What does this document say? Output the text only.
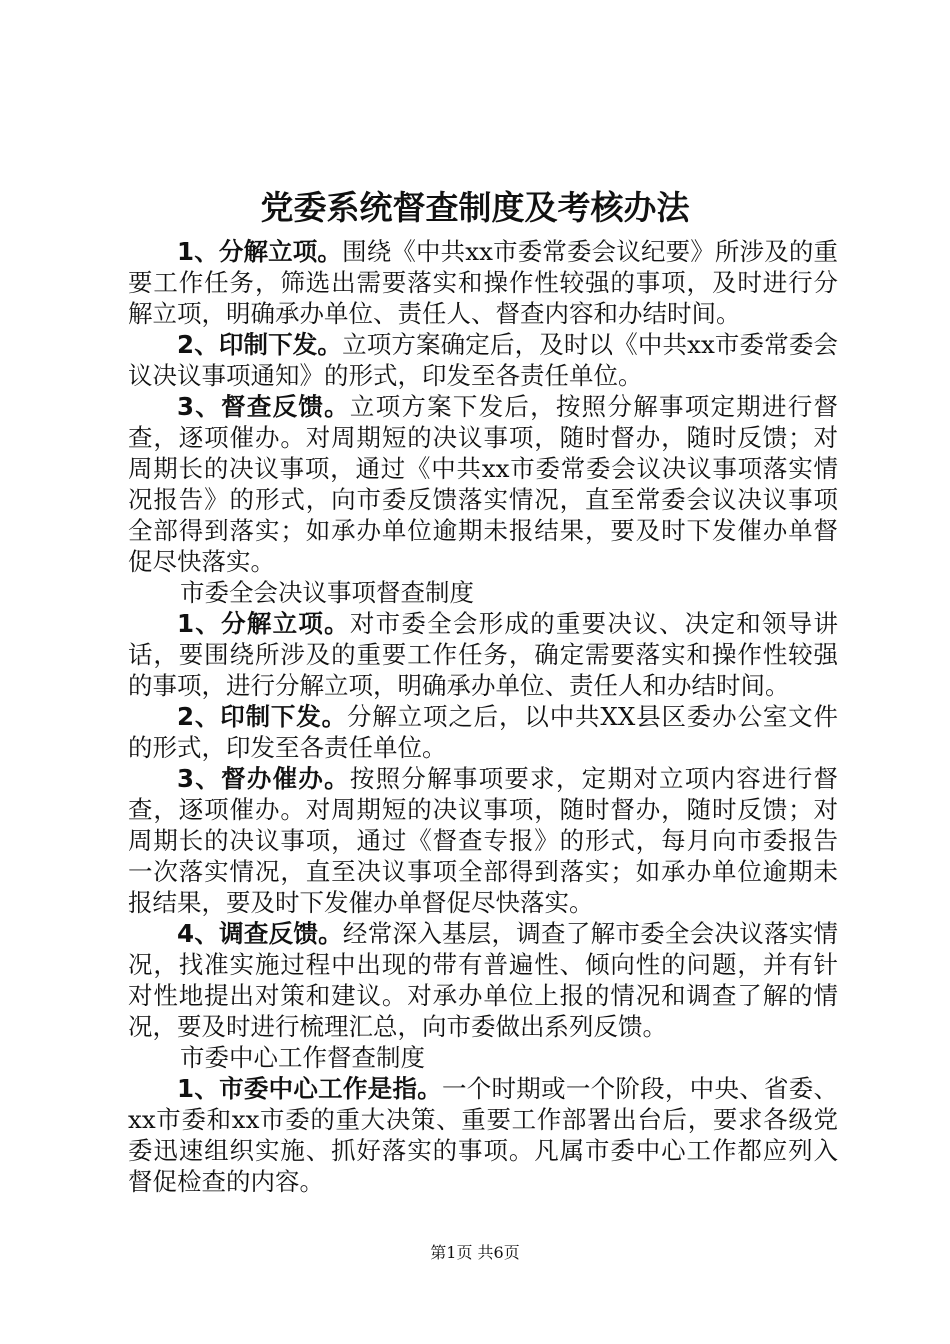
党委系统督查制度及考核办法

1、分解立项。围绕《中共xx市委常委会议纪要》所涉及的重要工作任务，筛选出需要落实和操作性较强的事项，及时进行分解立项，明确承办单位、责任人、督查内容和办结时间。

2、印制下发。立项方案确定后，及时以《中共xx市委常委会议决议事项通知》的形式，印发至各责任单位。

3、督查反馈。立项方案下发后，按照分解事项定期进行督查，逐项催办。对周期短的决议事项，随时督办，随时反馈；对周期长的决议事项，通过《中共xx市委常委会议决议事项落实情况报告》的形式，向市委反馈落实情况，直至常委会议决议事项全部得到落实；如承办单位逾期未报结果，要及时下发催办单督促尽快落实。

市委全会决议事项督查制度

1、分解立项。对市委全会形成的重要决议、决定和领导讲话，要围绕所涉及的重要工作任务，确定需要落实和操作性较强的事项，进行分解立项，明确承办单位、责任人和办结时间。

2、印制下发。分解立项之后，以中共XX县区委办公室文件的形式，印发至各责任单位。

3、督办催办。按照分解事项要求，定期对立项内容进行督查，逐项催办。对周期短的决议事项，随时督办，随时反馈；对周期长的决议事项，通过《督查专报》的形式，每月向市委报告一次落实情况，直至决议事项全部得到落实；如承办单位逾期未报结果，要及时下发催办单督促尽快落实。

4、调查反馈。经常深入基层，调查了解市委全会决议落实情况，找准实施过程中出现的带有普遍性、倾向性的问题，并有针对性地提出对策和建议。对承办单位上报的情况和调查了解的情况，要及时进行梳理汇总，向市委做出系列反馈。

市委中心工作督查制度

1、市委中心工作是指。一个时期或一个阶段，中央、省委、xx市委和xx市委的重大决策、重要工作部署出台后，要求各级党委迅速组织实施、抓好落实的事项。凡属市委中心工作都应列入督促检查的内容。

第1页 共6页
